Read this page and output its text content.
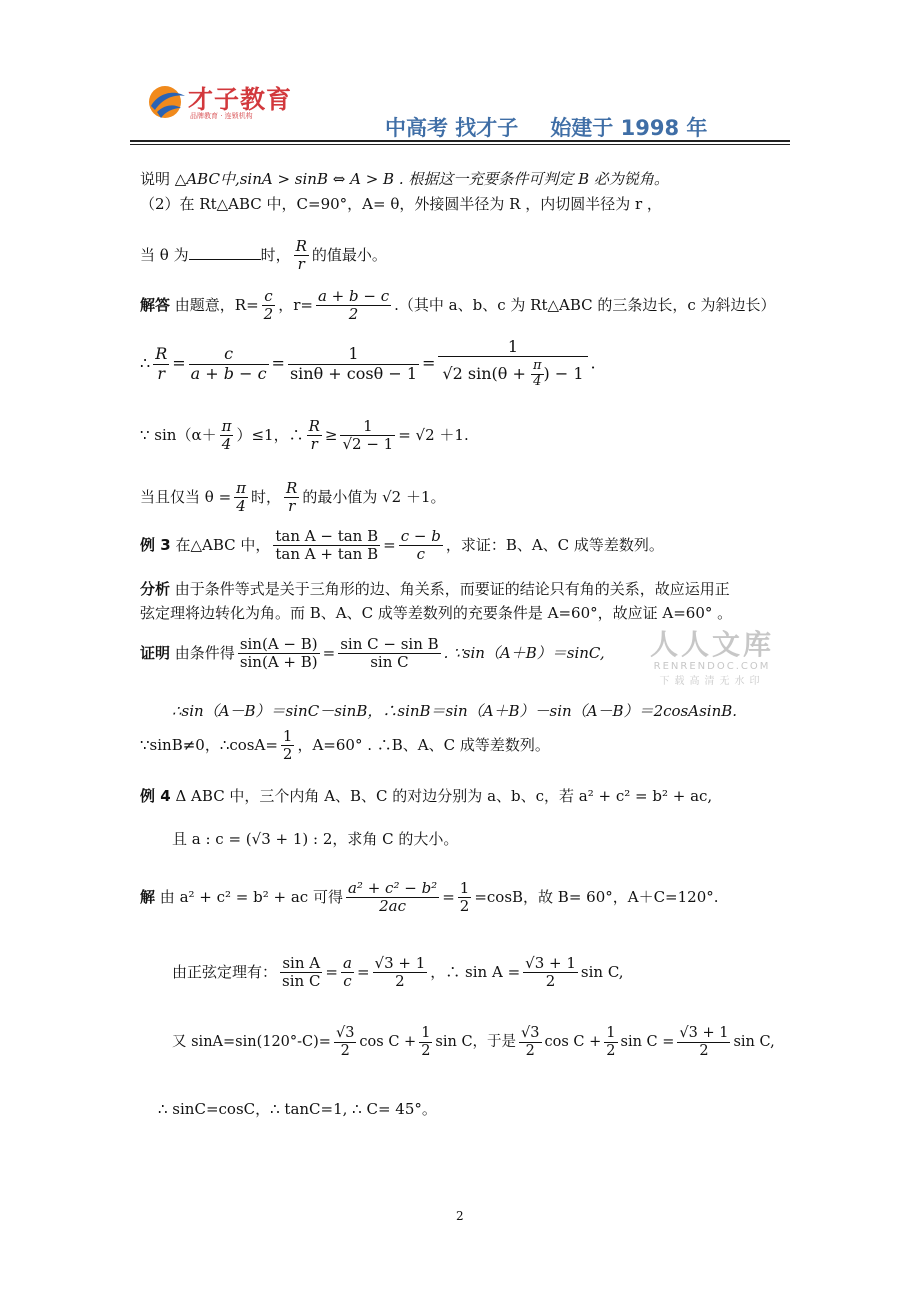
才子教育
品牌教育 · 连锁机构	中高考 找才子 始建于 1998 年
说明 △ABC中,sinA > sinB ⇔ A > B . 根据这一充要条件可判定 B 必为锐角。
（2）在 Rt△ABC 中，C=90°，A= θ，外接圆半径为 R ，内切圆半径为 r ，
当 θ 为	时， $\frac{R}{r}$ 的值最小。
解答 由题意，$R= \frac{c}{2}$ ，$r= \frac{a + b - c}{2}$ .（其中 a、b、c 为 Rt△ABC 的三条边长，c 为斜边长）
∴ $\frac{R}{r} = \frac{c}{a + b - c} = \frac{1}{\sin\theta + \cos\theta - 1} = \frac{1}{√2 \sin(\theta + \frac{\pi}{4} ) - 1}$ .
∵ $\sin(\alpha+ \frac{\pi}{4} )\le 1$，∴ $\frac{R}{r} \ge \frac{1}{√2 - 1} = √2 +1$.
当且仅当 $\theta = \frac{\pi}{4}$ 时， $\frac{R}{r}$ 的最小值为 √2 ＋1。
例 3 在△ABC 中， $\frac{\text{tan A − tan B}}{\text{tan A + tan B}} = \frac{c - b}{c}$ ，求证：B、A、C 成等差数列。
分析 由于条件等式是关于三角形的边、角关系，而要证的结论只有角的关系，故应运用正
弦定理将边转化为角。而 B、A、C 成等差数列的充要条件是 A=60°，故应证 A=60° 。
人人文库
RENRENDOC.COM
下载高清无水印
证明 由条件得 $\frac{\sin(A - B)}{\sin(A + B)} = \frac{\text{sin C − sin B}}{\text{sin C}}$ . ∵sin（A＋B）＝sinC,
∴sin（A－B）＝sinC－sinB，∴sinB＝sin（A＋B）－sin（A－B）＝2cosAsinB.
∵sinB≠0，∴cosA= $\frac{1}{2}$ ，A=60° . ∴B、A、C 成等差数列。
例 4 Δ ABC 中，三个内角 A、B、C 的对边分别为 a、b、c，若 a² + c² = b² + ac,
且 a : c = (√3 + 1) : 2，求角 C 的大小。
解 由 a² + c² = b² + ac 可得 $\frac{\text{a² + c² − b²}}{2ac} = \frac{1}{2} =\cos B$，故 B= 60°，A＋C=120°.
由正弦定理有： $\frac{\text{sin A}}{\text{sin C}} = \frac{a}{c} = \frac{√3 + 1}{2}$ ，∴ $\sin A = \frac{√3 + 1}{2}$ sin C,
又 $\sin A=\sin(120^\circ-C)= \frac{√3}{2}$ $\cos C + \frac{1}{2}$ sin C，于是 $\frac{√3}{2}$ $\cos C + \frac{1}{2}$ $\sin C = \frac{√3 + 1}{2}$ sin C,
∴ sinC=cosC，∴ tanC=1, ∴ C= 45°。
2
